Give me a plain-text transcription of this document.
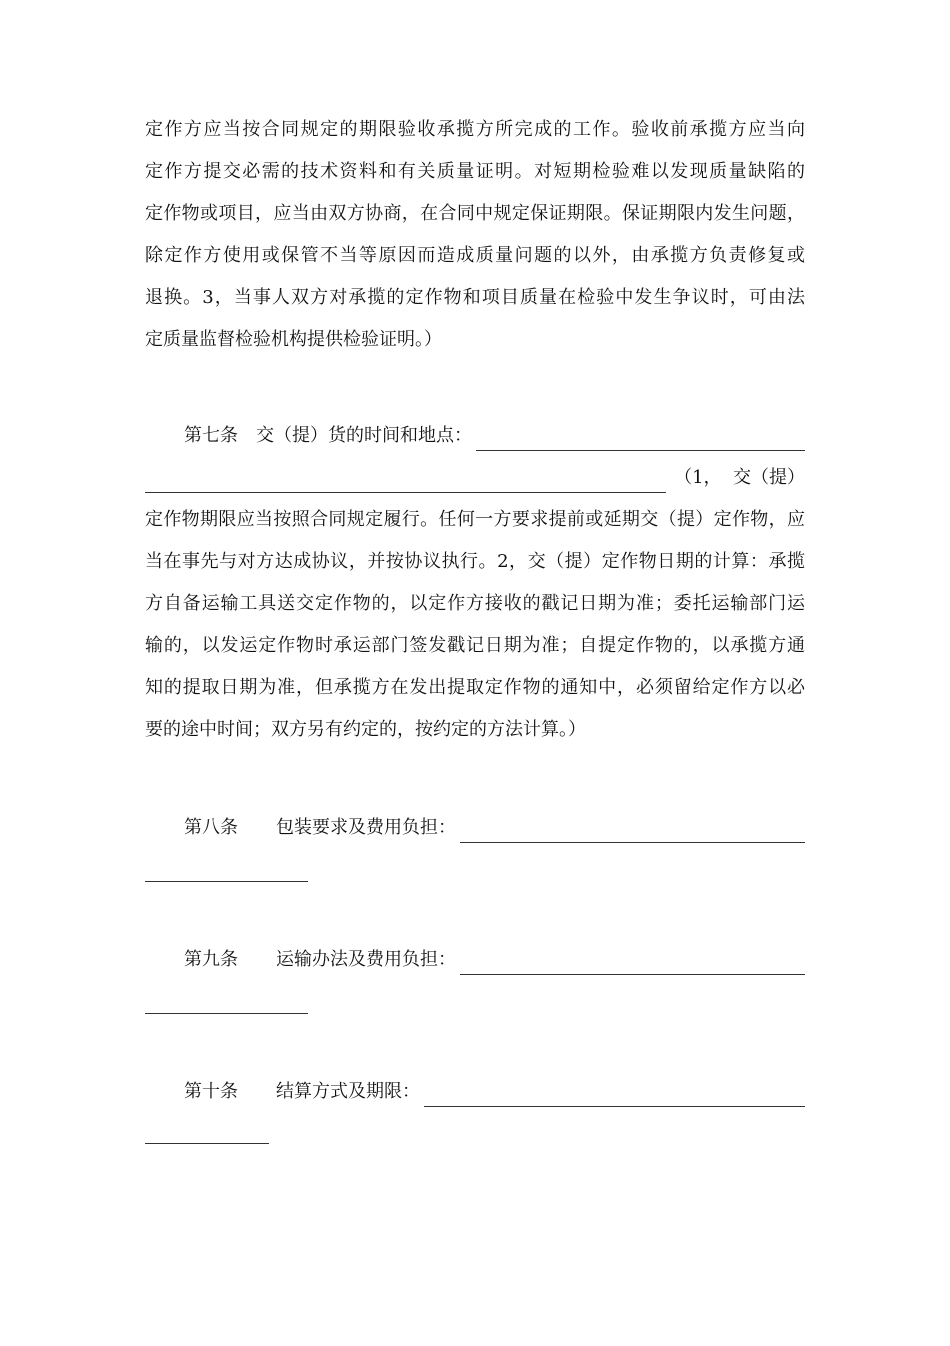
定作方应当按合同规定的期限验收承揽方所完成的工作。验收前承揽方应当向
定作方提交必需的技术资料和有关质量证明。对短期检验难以发现质量缺陷的
定作物或项目，应当由双方协商，在合同中规定保证期限。保证期限内发生问题，
除定作方使用或保管不当等原因而造成质量问题的以外，由承揽方负责修复或
退换。3，当事人双方对承揽的定作物和项目质量在检验中发生争议时，可由法
定质量监督检验机构提供检验证明。）
第七条 交（提）货的时间和地点：
（1，  交（提）
定作物期限应当按照合同规定履行。任何一方要求提前或延期交（提）定作物，应
当在事先与对方达成协议，并按协议执行。2，交（提）定作物日期的计算：承揽
方自备运输工具送交定作物的，以定作方接收的戳记日期为准；委托运输部门运
输的，以发运定作物时承运部门签发戳记日期为准；自提定作物的，以承揽方通
知的提取日期为准，但承揽方在发出提取定作物的通知中，必须留给定作方以必
要的途中时间；双方另有约定的，按约定的方法计算。）
第八条 包装要求及费用负担：
第九条 运输办法及费用负担：
第十条 结算方式及期限：
